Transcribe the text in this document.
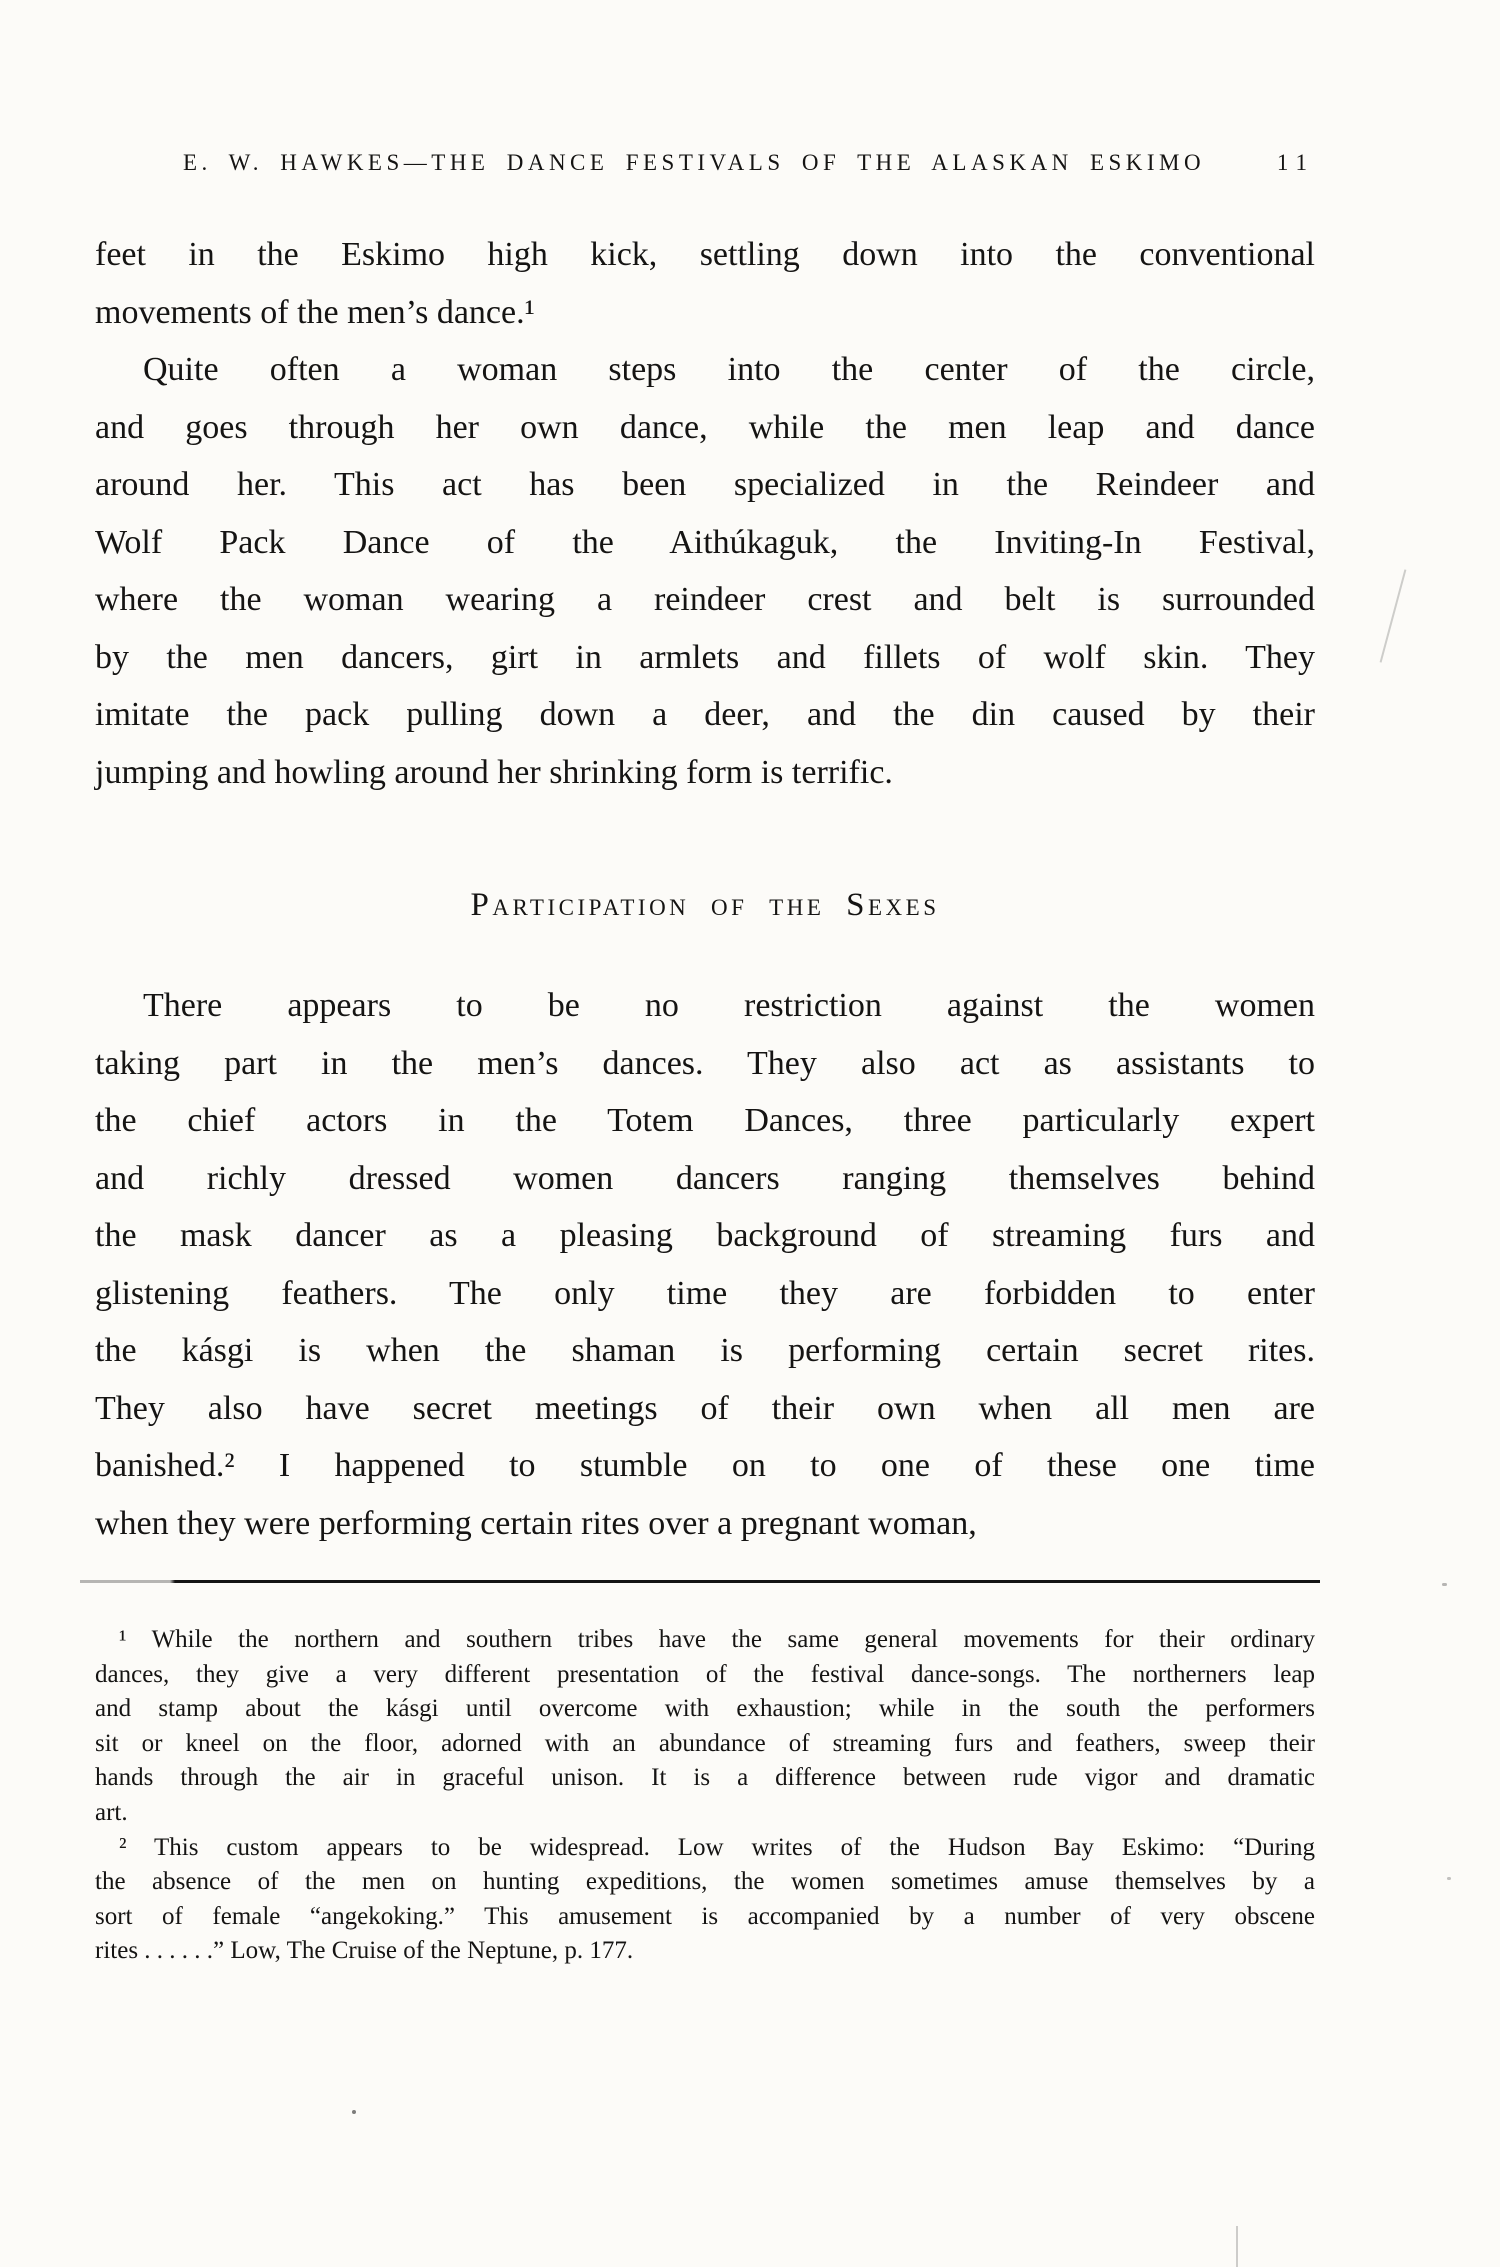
E. W. HAWKES—THE DANCE FESTIVALS OF THE ALASKAN ESKIMO	11
feet in the Eskimo high kick, settling down into the conventional
movements of the men’s dance.¹
Quite often a woman steps into the center of the circle,
and goes through her own dance, while the men leap and dance
around her. This act has been specialized in the Reindeer and
Wolf Pack Dance of the Aithúkaguk, the Inviting-In Festival,
where the woman wearing a reindeer crest and belt is surrounded
by the men dancers, girt in armlets and fillets of wolf skin. They
imitate the pack pulling down a deer, and the din caused by their
jumping and howling around her shrinking form is terrific.
Participation of the Sexes
There appears to be no restriction against the women
taking part in the men’s dances. They also act as assistants to
the chief actors in the Totem Dances, three particularly expert
and richly dressed women dancers ranging themselves behind
the mask dancer as a pleasing background of streaming furs and
glistening feathers. The only time they are forbidden to enter
the kásgi is when the shaman is performing certain secret rites.
They also have secret meetings of their own when all men are
banished.² I happened to stumble on to one of these one time
when they were performing certain rites over a pregnant woman,
¹ While the northern and southern tribes have the same general movements for their ordinary
dances, they give a very different presentation of the festival dance-songs. The northerners leap
and stamp about the kásgi until overcome with exhaustion; while in the south the performers
sit or kneel on the floor, adorned with an abundance of streaming furs and feathers, sweep their
hands through the air in graceful unison. It is a difference between rude vigor and dramatic
art.
² This custom appears to be widespread. Low writes of the Hudson Bay Eskimo: “During
the absence of the men on hunting expeditions, the women sometimes amuse themselves by a
sort of female “angekoking.” This amusement is accompanied by a number of very obscene
rites . . . . . .” Low, The Cruise of the Neptune, p. 177.
